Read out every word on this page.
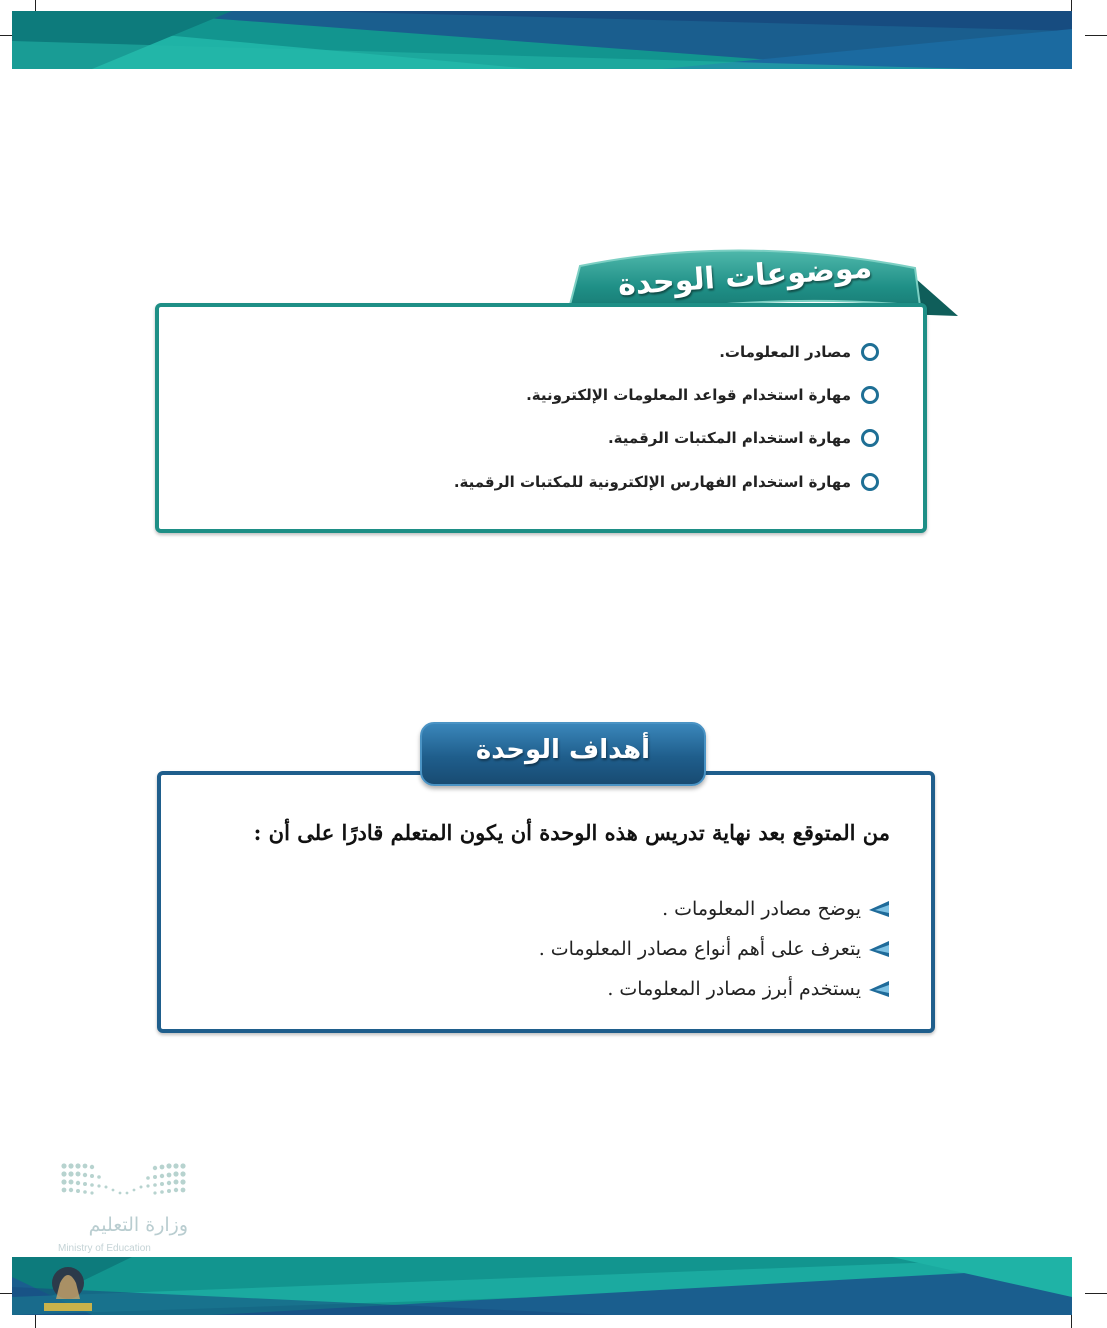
موضوعات الوحدة
مصادر المعلومات.
مهارة استخدام قواعد المعلومات الإلكترونية.
مهارة استخدام المكتبات الرقمية.
مهارة استخدام الفهارس الإلكترونية للمكتبات الرقمية.
أهداف الوحدة
من المتوقع بعد نهاية تدريس هذه الوحدة أن يكون المتعلم قادرًا على أن :
يوضح مصادر المعلومات .
يتعرف على أهم أنواع مصادر المعلومات .
يستخدم أبرز مصادر المعلومات .
وزارة التعليم
Ministry of Education
